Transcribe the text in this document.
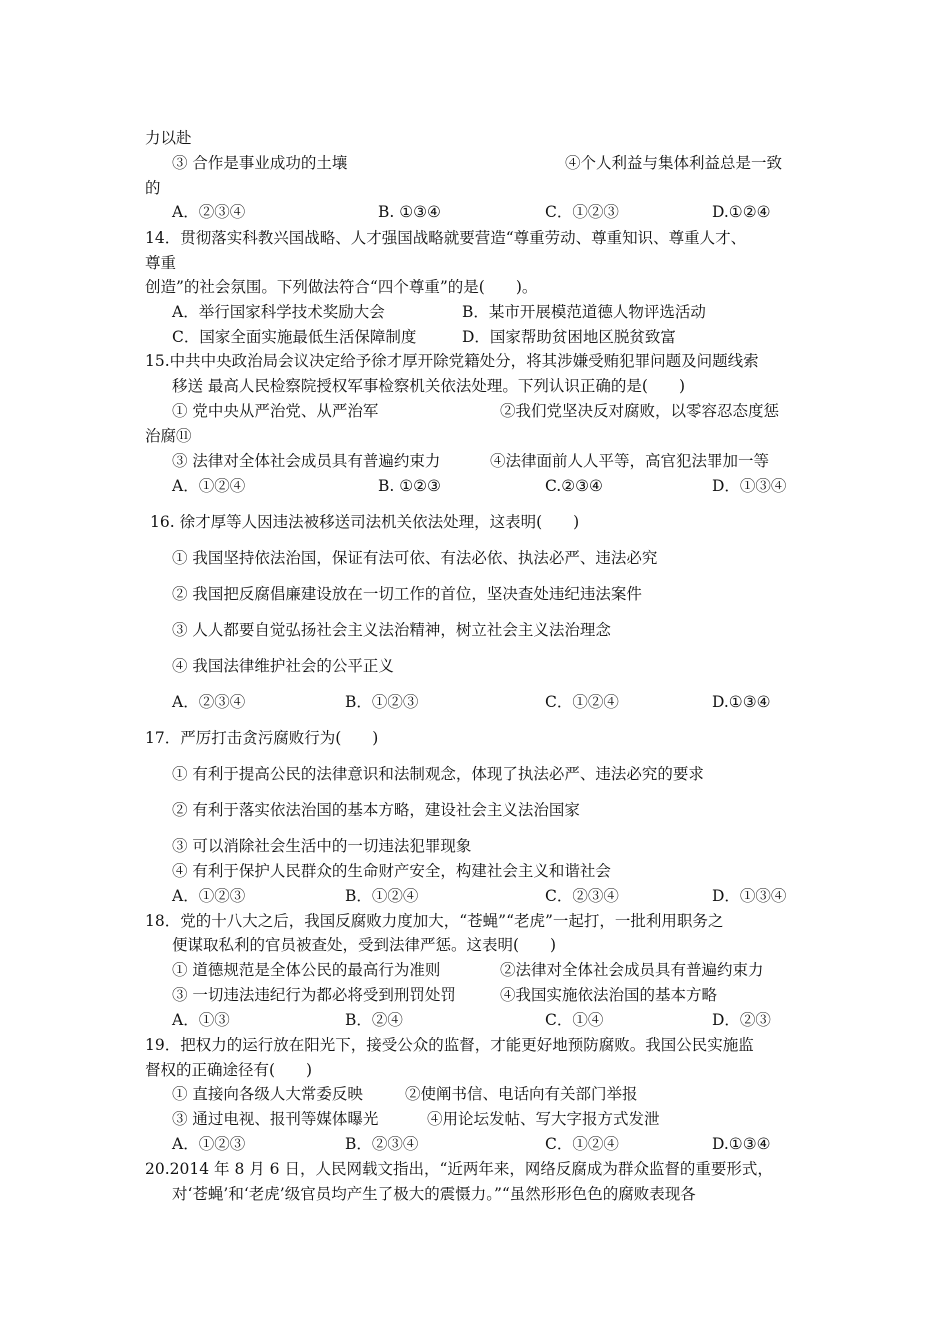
力以赴
③ 合作是事业成功的土壤	④个人利益与集体利益总是一致
的
A．②③④	B. ①③④	C．①②③	D.①②④
14．贯彻落实科教兴国战略、人才强国战略就要营造“尊重劳动、尊重知识、尊重人才、
尊重
创造”的社会氛围。下列做法符合“四个尊重”的是(　　)。
A．举行国家科学技术奖励大会	B．某市开展模范道德人物评选活动
C．国家全面实施最低生活保障制度	D．国家帮助贫困地区脱贫致富
15.中共中央政治局会议决定给予徐才厚开除党籍处分，将其涉嫌受贿犯罪问题及问题线索
移送 最高人民检察院授权军事检察机关依法处理。下列认识正确的是(　　)
① 党中央从严治党、从严治军	②我们党坚决反对腐败，以零容忍态度惩
治腐⑪
③ 法律对全体社会成员具有普遍约束力	④法律面前人人平等，高官犯法罪加一等
A．①②④	B. ①②③	C.②③④	D．①③④
16. 徐才厚等人因违法被移送司法机关依法处理，这表明(　　)
① 我国坚持依法治国，保证有法可依、有法必依、执法必严、违法必究
② 我国把反腐倡廉建设放在一切工作的首位，坚决查处违纪违法案件
③ 人人都要自觉弘扬社会主义法治精神，树立社会主义法治理念
④ 我国法律维护社会的公平正义
A．②③④	B．①②③	C．①②④	D.①③④
17．严厉打击贪污腐败行为(　　)
① 有利于提高公民的法律意识和法制观念，体现了执法必严、违法必究的要求
② 有利于落实依法治国的基本方略，建设社会主义法治国家
③ 可以消除社会生活中的一切违法犯罪现象
④ 有利于保护人民群众的生命财产安全，构建社会主义和谐社会
A．①②③	B．①②④	C．②③④	D．①③④
18．党的十八大之后，我国反腐败力度加大，“苍蝇”“老虎”一起打，一批利用职务之
便谋取私利的官员被查处，受到法律严惩。这表明(　　)
① 道德规范是全体公民的最高行为准则	②法律对全体社会成员具有普遍约束力
③ 一切违法违纪行为都必将受到刑罚处罚	④我国实施依法治国的基本方略
A．①③	B．②④	C．①④	D．②③
19．把权力的运行放在阳光下，接受公众的监督，才能更好地预防腐败。我国公民实施监
督权的正确途径有(　　)
① 直接向各级人大常委反映	②使阐书信、电话向有关部门举报
③ 通过电视、报刊等媒体曝光	④用论坛发帖、写大字报方式发泄
A．①②③	B．②③④	C．①②④	D.①③④
20.2014 年 8 月 6 日，人民网载文指出，“近两年来，网络反腐成为群众监督的重要形式，
对‘苍蝇’和‘老虎’级官员均产生了极大的震慑力。”“虽然形形色色的腐败表现各
